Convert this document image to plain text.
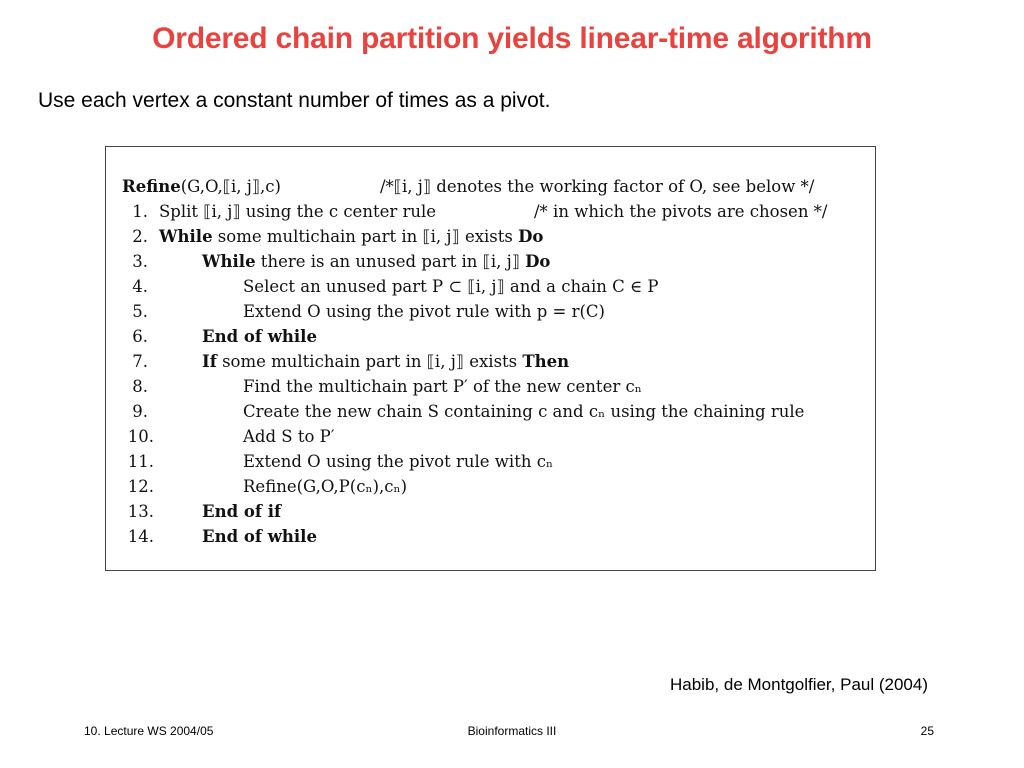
Ordered chain partition yields linear-time algorithm
Use each vertex a constant number of times as a pivot.
Refine(G,O,⟦i, j⟧,c)	/*⟦i, j⟧ denotes the working factor of O, see below */
1. Split ⟦i, j⟧ using the c center rule	/* in which the pivots are chosen */
2. While some multichain part in ⟦i, j⟧ exists Do
3.	While there is an unused part in ⟦i, j⟧ Do
4.	Select an unused part P ⊂ ⟦i, j⟧ and a chain C ∈ P
5.	Extend O using the pivot rule with p = r(C)
6.	End of while
7.	If some multichain part in ⟦i, j⟧ exists Then
8.	Find the multichain part P′ of the new center cₙ
9.	Create the new chain S containing c and cₙ using the chaining rule
10.	Add S to P′
11.	Extend O using the pivot rule with cₙ
12.	Refine(G,O,P(cₙ),cₙ)
13.	End of if
14.	End of while
Habib, de Montgolfier, Paul (2004)
10. Lecture WS 2004/05	Bioinformatics III	25
